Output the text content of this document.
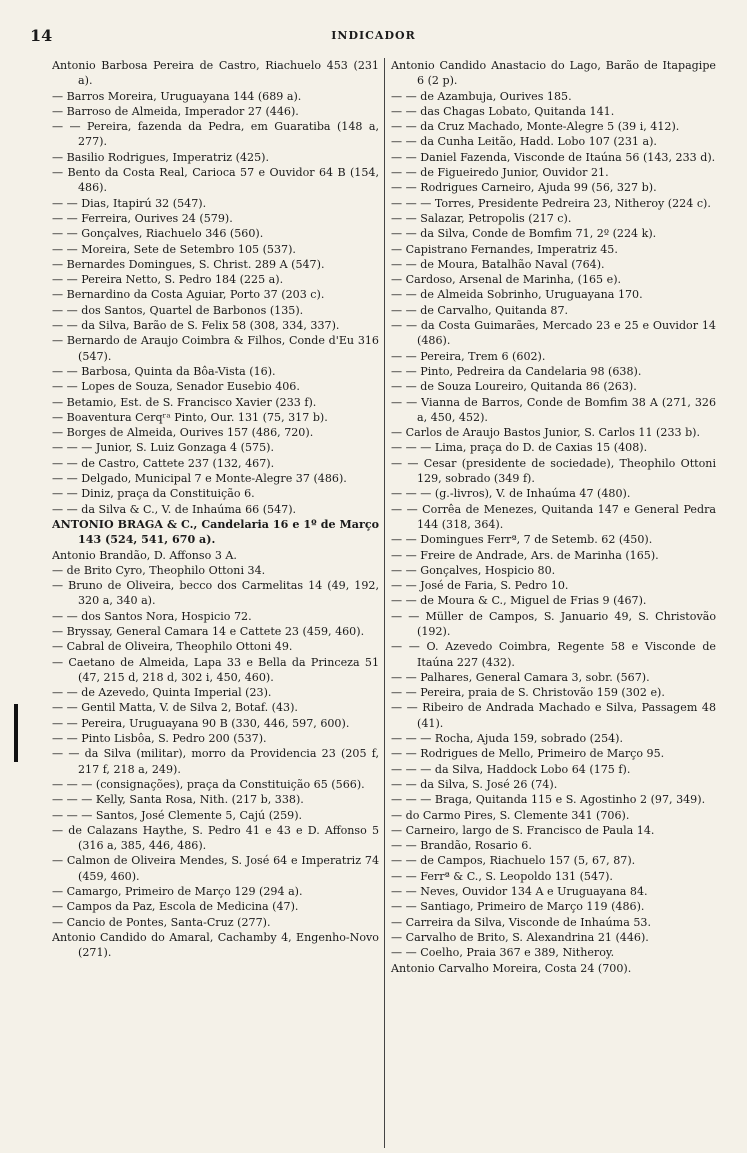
14	INDICADOR
Antonio Barbosa Pereira de Castro, Riachuelo 453 (231 a).
— Barros Moreira, Uruguayana 144 (689 a).
— Barroso de Almeida, Imperador 27 (446).
— — Pereira, fazenda da Pedra, em Guaratiba (148 a, 277).
— Basilio Rodrigues, Imperatriz (425).
— Bento da Costa Real, Carioca 57 e Ouvidor 64 B (154, 486).
— — Dias, Itapirú 32 (547).
— — Ferreira, Ourives 24 (579).
— — Gonçalves, Riachuelo 346 (560).
— — Moreira, Sete de Setembro 105 (537).
— Bernardes Domingues, S. Christ. 289 A (547).
— — Pereira Netto, S. Pedro 184 (225 a).
— Bernardino da Costa Aguiar, Porto 37 (203 c).
— — dos Santos, Quartel de Barbonos (135).
— — da Silva, Barão de S. Felix 58 (308, 334, 337).
— Bernardo de Araujo Coimbra & Filhos, Conde d'Eu 316 (547).
— — Barbosa, Quinta da Bôa-Vista (16).
— — Lopes de Souza, Senador Eusebio 406.
— Betamio, Est. de S. Francisco Xavier (233 f).
— Boaventura Cerqʳᵃ Pinto, Our. 131 (75, 317 b).
— Borges de Almeida, Ourives 157 (486, 720).
— — — Junior, S. Luiz Gonzaga 4 (575).
— — de Castro, Cattete 237 (132, 467).
— — Delgado, Municipal 7 e Monte-Alegre 37 (486).
— — Diniz, praça da Constituição 6.
— — da Silva & C., V. de Inhaúma 66 (547).
ANTONIO BRAGA & C., Candelaria 16 e 1º de Março 143 (524, 541, 670 a).
Antonio Brandão, D. Affonso 3 A.
— de Brito Cyro, Theophilo Ottoni 34.
— Bruno de Oliveira, becco dos Carmelitas 14 (49, 192, 320 a, 340 a).
— — dos Santos Nora, Hospicio 72.
— Bryssay, General Camara 14 e Cattete 23 (459, 460).
— Cabral de Oliveira, Theophilo Ottoni 49.
— Caetano de Almeida, Lapa 33 e Bella da Princeza 51 (47, 215 d, 218 d, 302 i, 450, 460).
— — de Azevedo, Quinta Imperial (23).
— — Gentil Matta, V. de Silva 2, Botaf. (43).
— — Pereira, Uruguayana 90 B (330, 446, 597, 600).
— — Pinto Lisbôa, S. Pedro 200 (537).
— — da Silva (militar), morro da Providencia 23 (205 f, 217 f, 218 a, 249).
— — — (consignações), praça da Constituição 65 (566).
— — — Kelly, Santa Rosa, Nith. (217 b, 338).
— — — Santos, José Clemente 5, Cajú (259).
— de Calazans Haythe, S. Pedro 41 e 43 e D. Affonso 5 (316 a, 385, 446, 486).
— Calmon de Oliveira Mendes, S. José 64 e Imperatriz 74 (459, 460).
— Camargo, Primeiro de Março 129 (294 a).
— Campos da Paz, Escola de Medicina (47).
— Cancio de Pontes, Santa-Cruz (277).
Antonio Candido do Amaral, Cachamby 4, Engenho-Novo (271).
Antonio Candido Anastacio do Lago, Barão de Itapagipe 6 (2 p).
— — de Azambuja, Ourives 185.
— — das Chagas Lobato, Quitanda 141.
— — da Cruz Machado, Monte-Alegre 5 (39 i, 412).
— — da Cunha Leitão, Hadd. Lobo 107 (231 a).
— — Daniel Fazenda, Visconde de Itaúna 56 (143, 233 d).
— — de Figueiredo Junior, Ouvidor 21.
— — Rodrigues Carneiro, Ajuda 99 (56, 327 b).
— — — Torres, Presidente Pedreira 23, Nitheroy (224 c).
— — Salazar, Petropolis (217 c).
— — da Silva, Conde de Bomfim 71, 2º (224 k).
— Capistrano Fernandes, Imperatriz 45.
— — de Moura, Batalhão Naval (764).
— Cardoso, Arsenal de Marinha, (165 e).
— — de Almeida Sobrinho, Uruguayana 170.
— — de Carvalho, Quitanda 87.
— — da Costa Guimarães, Mercado 23 e 25 e Ouvidor 14 (486).
— — Pereira, Trem 6 (602).
— — Pinto, Pedreira da Candelaria 98 (638).
— — de Souza Loureiro, Quitanda 86 (263).
— — Vianna de Barros, Conde de Bomfim 38 A (271, 326 a, 450, 452).
— Carlos de Araujo Bastos Junior, S. Carlos 11 (233 b).
— — — Lima, praça do D. de Caxias 15 (408).
— — Cesar (presidente de sociedade), Theophilo Ottoni 129, sobrado (349 f).
— — — (g.-livros), V. de Inhaúma 47 (480).
— — Corrêa de Menezes, Quitanda 147 e General Pedra 144 (318, 364).
— — Domingues Ferrª, 7 de Setemb. 62 (450).
— — Freire de Andrade, Ars. de Marinha (165).
— — Gonçalves, Hospicio 80.
— — José de Faria, S. Pedro 10.
— — de Moura & C., Miguel de Frias 9 (467).
— — Müller de Campos, S. Januario 49, S. Christovão (192).
— — O. Azevedo Coimbra, Regente 58 e Visconde de Itaúna 227 (432).
— — Palhares, General Camara 3, sobr. (567).
— — Pereira, praia de S. Christovão 159 (302 e).
— — Ribeiro de Andrada Machado e Silva, Passagem 48 (41).
— — — Rocha, Ajuda 159, sobrado (254).
— — Rodrigues de Mello, Primeiro de Março 95.
— — — da Silva, Haddock Lobo 64 (175 f).
— — da Silva, S. José 26 (74).
— — — Braga, Quitanda 115 e S. Agostinho 2 (97, 349).
— do Carmo Pires, S. Clemente 341 (706).
— Carneiro, largo de S. Francisco de Paula 14.
— — Brandão, Rosario 6.
— — de Campos, Riachuelo 157 (5, 67, 87).
— — Ferrª & C., S. Leopoldo 131 (547).
— — Neves, Ouvidor 134 A e Uruguayana 84.
— — Santiago, Primeiro de Março 119 (486).
— Carreira da Silva, Visconde de Inhaúma 53.
— Carvalho de Brito, S. Alexandrina 21 (446).
— — Coelho, Praia 367 e 389, Nitheroy.
Antonio Carvalho Moreira, Costa 24 (700).
